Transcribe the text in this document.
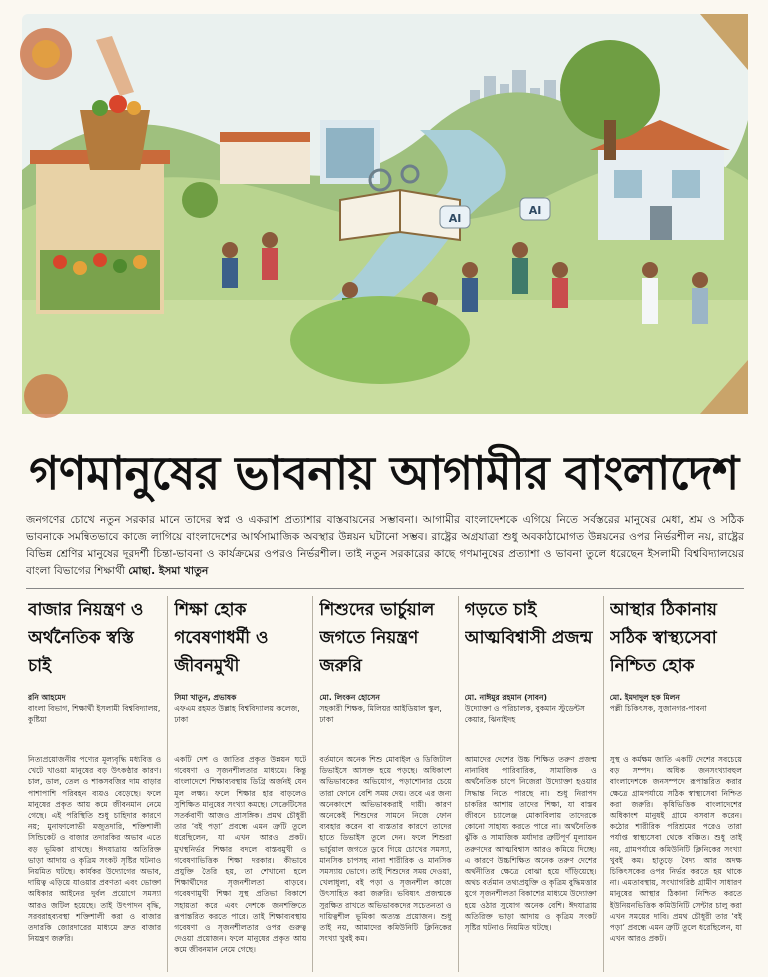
AI
AI
গণমানুষের ভাবনায় আগামীর বাংলাদেশ

জনগণের চোখে নতুন সরকার মানে তাদের স্বপ্ন ও একরাশ প্রত্যাশার বাস্তবায়নের সম্ভাবনা। আগামীর বাংলাদেশকে এগিয়ে নিতে সর্বস্তরের মানুষের মেধা, শ্রম ও সঠিক ভাবনাকে সমন্বিতভাবে কাজে লাগিয়ে বাংলাদেশের আর্থসামাজিক অবস্থার উন্নয়ন ঘটানো সম্ভব। রাষ্ট্রের অগ্রযাত্রা শুধু অবকাঠামোগত উন্নয়নের ওপর নির্ভরশীল নয়, রাষ্ট্রের বিভিন্ন শ্রেণির মানুষের দূরদর্শী চিন্তা-ভাবনা ও কার্যক্রমের ওপরও নির্ভরশীল। তাই নতুন সরকারের কাছে গণমানুষের প্রত্যাশা ও ভাবনা তুলে ধরেছেন ইসলামী বিশ্ববিদ্যালয়ের বাংলা বিভাগের শিক্ষার্থী মোছা. ইসমা খাতুন

বাজার নিয়ন্ত্রণ ও অর্থনৈতিক স্বস্তি চাই
রনি আহমেদ
বাংলা বিভাগ, শিক্ষার্থী ইসলামী বিশ্ববিদ্যালয়, কুষ্টিয়া
নিত্যপ্রয়োজনীয় পণ্যের মূল্যবৃদ্ধি মধ্যবিত্ত ও খেটে খাওয়া মানুষের বড় উৎকণ্ঠার কারণ। চাল, ডাল, তেল ও শাকসবজির দাম বাড়ার পাশাপাশি পরিবহন ব্যয়ও বেড়েছে। ফলে মানুষের প্রকৃত আয় কমে জীবনমান নেমে গেছে। এই পরিস্থিতি শুধু চাহিদার কারণে নয়; মুনাফালোভী মজুতদারি, শক্তিশালী সিন্ডিকেট ও বাজার তদারকির অভাব এতে বড় ভূমিকা রাখছে। ঈদযাত্রায় অতিরিক্ত ভাড়া আদায় ও কৃত্রিম সংকট সৃষ্টির ঘটনাও নিয়মিত ঘটছে। কার্যকর উদ্যোগের অভাব, দায়িত্ব এড়িয়ে যাওয়ার প্রবণতা এবং ভোক্তা অধিকার আইনের দুর্বল প্রয়োগে সমস্যা আরও জটিল হয়েছে। তাই উৎপাদন বৃদ্ধি, সরবরাহব্যবস্থা শক্তিশালী করা ও বাজার তদারকি জোরদারের মাধ্যমে দ্রুত বাজার নিয়ন্ত্রণ জরুরি।
শিক্ষা হোক গবেষণাধর্মী ও জীবনমুখী
সিমা খাতুন, প্রভাষক
এফএম রহমত উল্লাহ বিশ্ববিদ্যালয় কলেজ, ঢাকা
একটি দেশ ও জাতির প্রকৃত উন্নয়ন ঘটে গবেষণা ও সৃজনশীলতার মাধ্যমে। কিন্তু বাংলাদেশে শিক্ষাব্যবস্থায় ডিগ্রি অর্জনই যেন মূল লক্ষ্য। ফলে শিক্ষার হার বাড়লেও সুশিক্ষিত মানুষের সংখ্যা কমছে। সেক্রেটিসের সতর্কবাণী আজও প্রাসঙ্গিক। প্রমথ চৌধুরী তার ‘বই পড়া’ প্রবন্ধে এমন ত্রুটি তুলে ধরেছিলেন, যা এখন আরও প্রকট। মুখস্থনির্ভর শিক্ষার বদলে বাস্তবমুখী ও গবেষণাভিত্তিক শিক্ষা দরকার। কীভাবে প্রযুক্তি তৈরি হয়, তা শেখানো হলে শিক্ষার্থীদের সৃজনশীলতা বাড়বে। গবেষণামুখী শিক্ষা সুস্থ প্রতিভা বিকাশে সহায়তা করে এবং দেশকে জনশক্তিতে রূপান্তরিত করতে পারে। তাই শিক্ষাব্যবস্থায় গবেষণা ও সৃজনশীলতার ওপর গুরুত্ব দেওয়া প্রয়োজন। ফলে মানুষের প্রকৃত আয় কমে জীবনমান নেমে গেছে।
শিশুদের ভার্চুয়াল জগতে নিয়ন্ত্রণ জরুরি
মো. লিংকন হোসেন
সহকারী শিক্ষক, মিলিয়র আইডিয়াল স্কুল, ঢাকা
বর্তমানে অনেক শিশু মোবাইল ও ডিজিটাল ডিভাইসে আসক্ত হয়ে পড়ছে। অধিকাংশ অভিভাবকের অভিযোগ, পড়াশোনার চেয়ে তারা ফোনে বেশি সময় দেয়। তবে এর জন্য অনেকাংশে অভিভাবকরাই দায়ী। কারণ অনেকেই শিশুদের সামনে নিজে ফোন ব্যবহার করেন বা ব্যস্ততার কারণে তাদের হাতে ডিভাইস তুলে দেন। ফলে শিশুরা ভার্চুয়াল জগতে ডুবে গিয়ে চোখের সমস্যা, মানসিক চাপসহ নানা শারীরিক ও মানসিক সমস্যায় ভোগে। তাই শিশুদের সময় দেওয়া, খেলাধুলা, বই পড়া ও সৃজনশীল কাজে উৎসাহিত করা জরুরি। ভবিষ্যৎ প্রজন্মকে সুরক্ষিত রাখতে অভিভাবকদের সচেতনতা ও দায়িত্বশীল ভূমিকা অত্যন্ত প্রয়োজন। শুধু তাই নয়, আমাদের কমিউনিটি ক্লিনিকের সংখ্যা খুবই কম।
গড়তে চাই আত্মবিশ্বাসী প্রজন্ম
মো. নাঈমুর রহমান (সাবন)
উদ্যোক্তা ও পরিচালক, বুকমান স্টুডেন্টস কেয়ার, ঝিনাইদহ
আমাদের দেশের উচ্চ শিক্ষিত তরুণ প্রজন্ম নানাবিধ পারিবারিক, সামাজিক ও অর্থনৈতিক চাপে নিজেরা উদ্যোক্তা হওয়ার সিদ্ধান্ত নিতে পারছে না। শুধু নিরাপদ চাকরির আশায় তাদের শিক্ষা, যা বাস্তব জীবনে চ্যালেঞ্জ মোকাবিলায় তাদেরকে কোনো সাহায্য করতে পারে না। অর্থনৈতিক ঝুঁকি ও সামাজিক মর্যাদার ত্রুটিপূর্ণ মূল্যায়ন তরুণদের আত্মবিশ্বাস আরও কমিয়ে দিচ্ছে। এ কারণে উচ্চশিক্ষিত অনেক তরুণ দেশের অর্থনীতির ক্ষেত্রে বোঝা হয়ে দাঁড়িয়েছে। অথচ বর্তমান তথ্যপ্রযুক্তি ও কৃত্রিম বুদ্ধিমত্তার যুগে সৃজনশীলতা বিকাশের মাধ্যমে উদ্যোক্তা হয়ে ওঠার সুযোগ অনেক বেশি। ঈদযাত্রায় অতিরিক্ত ভাড়া আদায় ও কৃত্রিম সংকট সৃষ্টির ঘটনাও নিয়মিত ঘটছে।
আস্থার ঠিকানায় সঠিক স্বাস্থ্যসেবা নিশ্চিত হোক
মো. ইমদাদুল হক মিলন
পল্লী চিকিৎসক, সুজানগর-পাবনা
সুস্থ ও কর্মক্ষম জাতি একটি দেশের সবচেয়ে বড় সম্পদ। অধিক জনসংখ্যাবহুল বাংলাদেশকে জনসম্পদে রূপান্তরিত করার ক্ষেত্রে গ্রামপর্যায়ে সঠিক স্বাস্থ্যসেবা নিশ্চিত করা জরুরি। কৃষিভিত্তিক বাংলাদেশের অধিকাংশ মানুষই গ্রামে বসবাস করেন। কঠোর শারীরিক পরিশ্রমের পরেও তারা পর্যাপ্ত স্বাস্থ্যসেবা থেকে বঞ্চিত। শুধু তাই নয়, গ্রামপর্যায়ে কমিউনিটি ক্লিনিকের সংখ্যা খুবই কম। হাতুড়ে বৈদ্য আর অদক্ষ চিকিৎসকের ওপর নির্ভর করতে হয় থাকে না। এমতাবস্থায়, সংখ্যাগরিষ্ঠ গ্রামীণ সাধারণ মানুষের আস্থার ঠিকানা নিশ্চিত করতে ইউনিয়নভিত্তিক কমিউনিটি সেন্টার চালু করা এখন সময়ের দাবি। প্রমথ চৌধুরী তার ‘বই পড়া’ প্রবন্ধে এমন ত্রুটি তুলে ধরেছিলেন, যা এখন আরও প্রকট।
